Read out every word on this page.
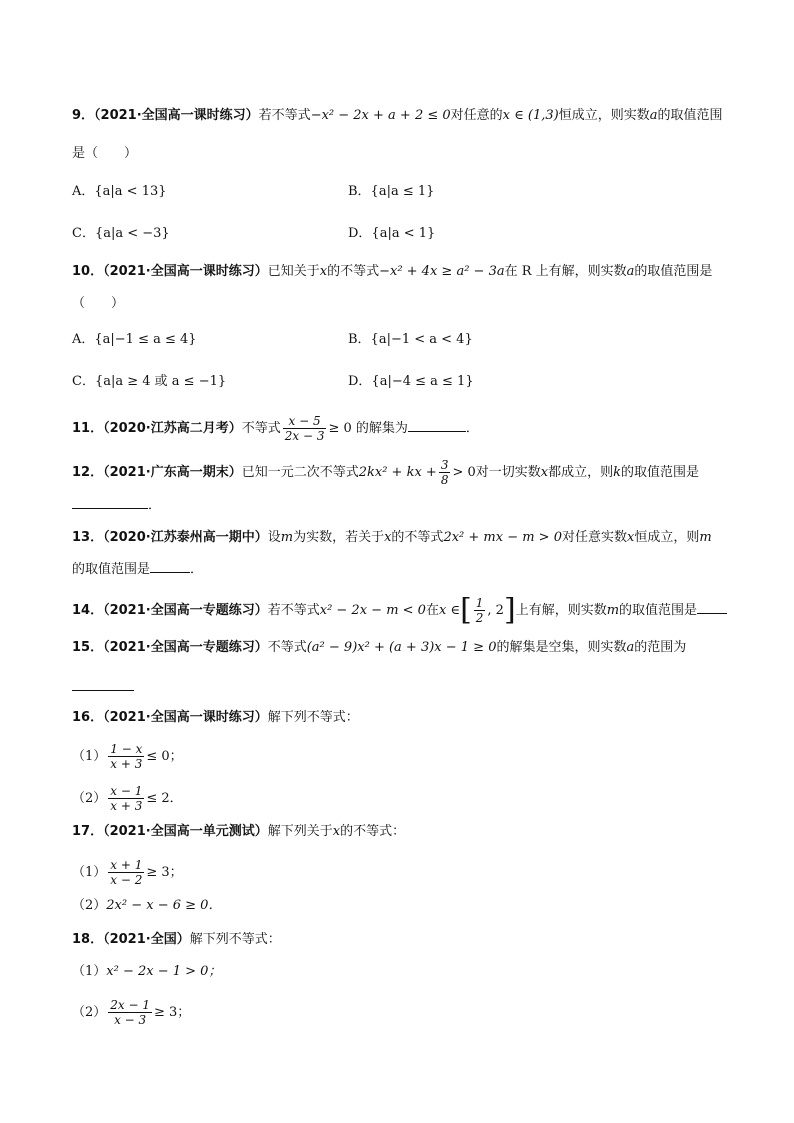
9．（2021·全国高一课时练习）若不等式−x² − 2x + a + 2 ≤ 0对任意的x ∈ (1,3)恒成立，则实数a的取值范围
是（　　）
A．{a|a < 13}	B．{a|a ≤ 1}
C．{a|a < −3}	D．{a|a < 1}
10．（2021·全国高一课时练习）已知关于x的不等式−x² + 4x ≥ a² − 3a在 R 上有解，则实数a的取值范围是
（　　）
A．{a|−1 ≤ a ≤ 4}	B．{a|−1 < a < 4}
C．{a|a ≥ 4 或 a ≤ −1}	D．{a|−4 ≤ a ≤ 1}
11．（2020·江苏高二月考）不等式 $\frac{x - 5}{2x - 3} \ge 0$ 的解集为	．
12．（2021·广东高一期末）已知一元二次不等式2kx² + kx + $\frac{3}{8} > 0$对一切实数x都成立，则k的取值范围是
．
13．（2020·江苏泰州高一期中）设m为实数，若关于x的不等式2x² + mx − m > 0对任意实数x恒成立，则m
的取值范围是	．
14．（2021·全国高一专题练习）若不等式x² − 2x − m < 0在x ∈[ $\frac{1}{2}$ , 2]上有解，则实数m的取值范围是
15．（2021·全国高一专题练习）不等式(a² − 9)x² + (a + 3)x − 1 ≥ 0的解集是空集，则实数a的范围为
16．（2021·全国高一课时练习）解下列不等式：
$(1) \frac{1 - x}{x + 3} \le 0$；
$(2) \frac{x - 1}{x + 3} \le 2$．
17．（2021·全国高一单元测试）解下列关于x的不等式：
$(1) \frac{x + 1}{x - 2} \ge 3$；
（2）2x² − x − 6 ≥ 0．
18．（2021·全国）解下列不等式：
（1）x² − 2x − 1 > 0；
$(2) \frac{2x - 1}{x - 3} \ge 3$；
